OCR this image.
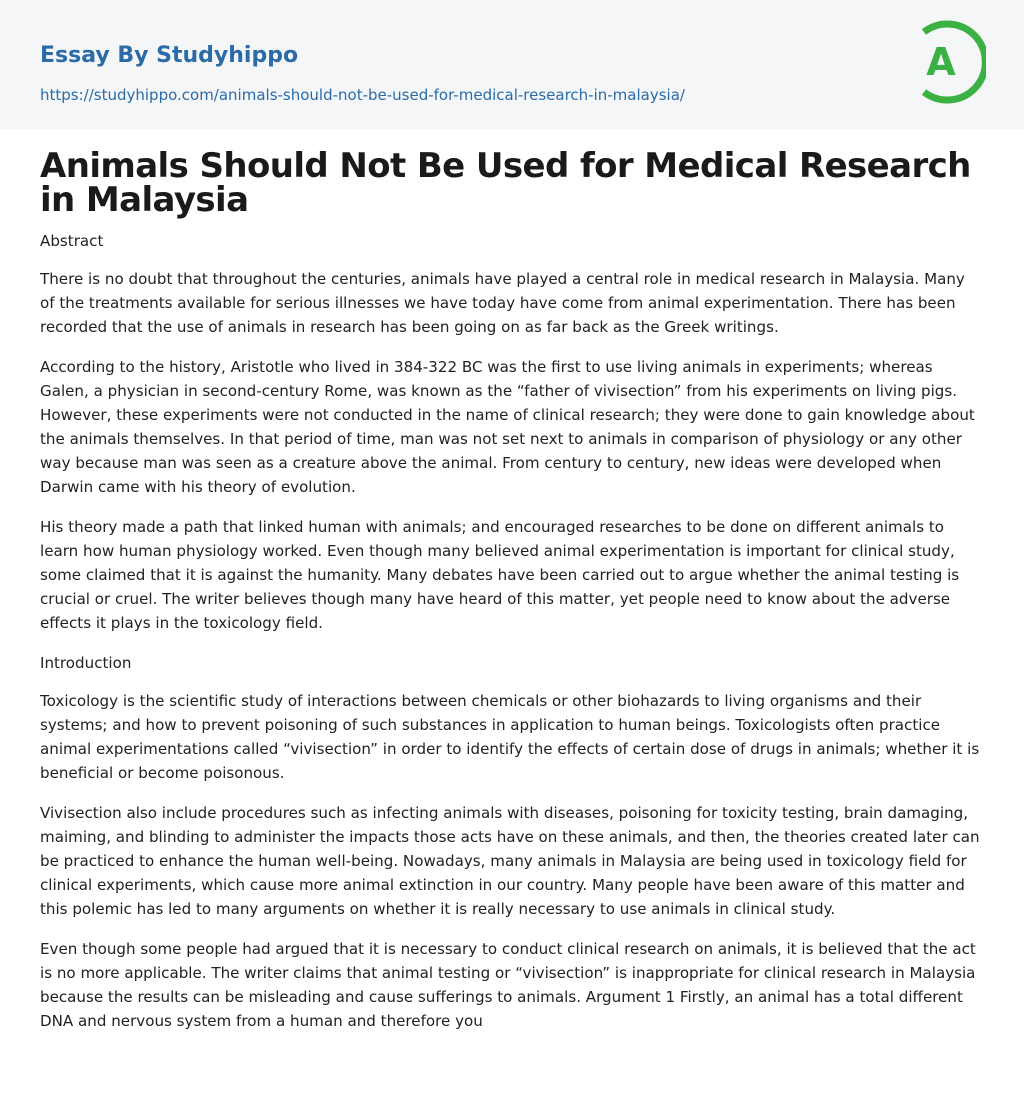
Essay By Studyhippo
https://studyhippo.com/animals-should-not-be-used-for-medical-research-in-malaysia/
A
Animals Should Not Be Used for Medical Research in Malaysia

Abstract

There is no doubt that throughout the centuries, animals have played a central role in medical research in Malaysia. Many of the treatments available for serious illnesses we have today have come from animal experimentation. There has been recorded that the use of animals in research has been going on as far back as the Greek writings.

According to the history, Aristotle who lived in 384-322 BC was the first to use living animals in experiments; whereas Galen, a physician in second-century Rome, was known as the “father of vivisection” from his experiments on living pigs. However, these experiments were not conducted in the name of clinical research; they were done to gain knowledge about the animals themselves. In that period of time, man was not set next to animals in comparison of physiology or any other way because man was seen as a creature above the animal. From century to century, new ideas were developed when Darwin came with his theory of evolution.

His theory made a path that linked human with animals; and encouraged researches to be done on different animals to learn how human physiology worked. Even though many believed animal experimentation is important for clinical study, some claimed that it is against the humanity. Many debates have been carried out to argue whether the animal testing is crucial or cruel. The writer believes though many have heard of this matter, yet people need to know about the adverse effects it plays in the toxicology field.

Introduction

Toxicology is the scientific study of interactions between chemicals or other biohazards to living organisms and their systems; and how to prevent poisoning of such substances in application to human beings. Toxicologists often practice animal experimentations called “vivisection” in order to identify the effects of certain dose of drugs in animals; whether it is beneficial or become poisonous.

Vivisection also include procedures such as infecting animals with diseases, poisoning for toxicity testing, brain damaging, maiming, and blinding to administer the impacts those acts have on these animals, and then, the theories created later can be practiced to enhance the human well-being. Nowadays, many animals in Malaysia are being used in toxicology field for clinical experiments, which cause more animal extinction in our country. Many people have been aware of this matter and this polemic has led to many arguments on whether it is really necessary to use animals in clinical study.

Even though some people had argued that it is necessary to conduct clinical research on animals, it is believed that the act is no more applicable. The writer claims that animal testing or “vivisection” is inappropriate for clinical research in Malaysia because the results can be misleading and cause sufferings to animals. Argument 1 Firstly, an animal has a total different DNA and nervous system from a human and therefore you
